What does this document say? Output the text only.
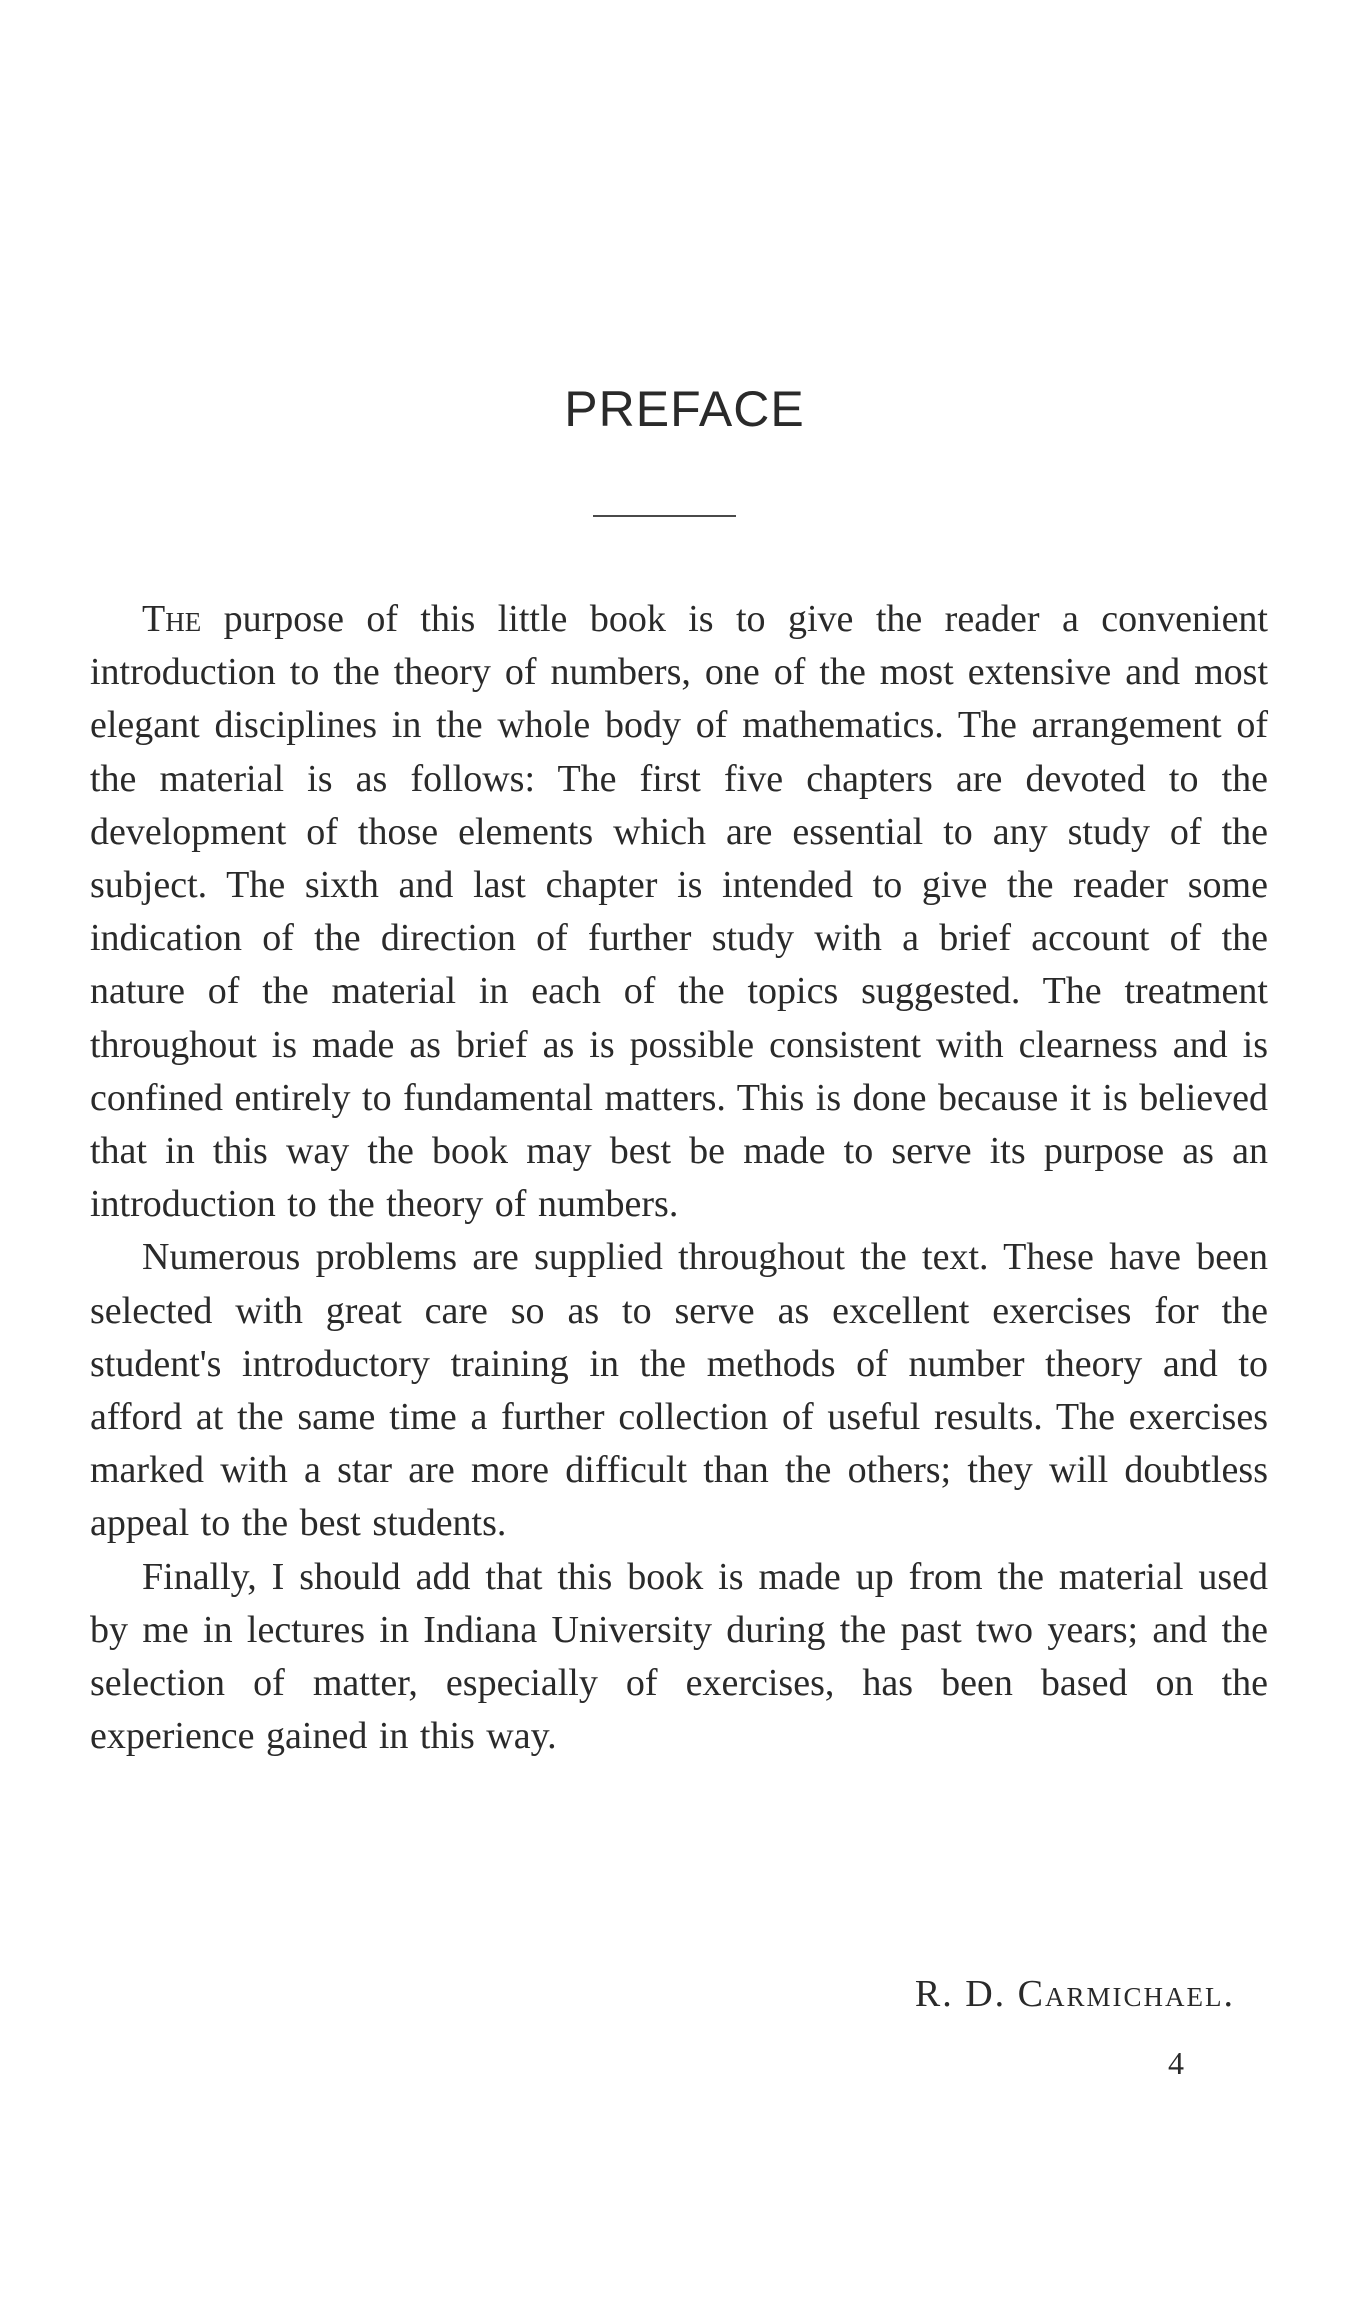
PREFACE

The purpose of this little book is to give the reader a convenient introduction to the theory of numbers, one of the most extensive and most elegant disciplines in the whole body of mathematics. The arrangement of the material is as follows: The first five chapters are devoted to the development of those elements which are essential to any study of the subject. The sixth and last chapter is intended to give the reader some indication of the direction of further study with a brief account of the nature of the material in each of the topics suggested. The treatment throughout is made as brief as is possible consistent with clearness and is confined entirely to fundamental matters. This is done because it is believed that in this way the book may best be made to serve its purpose as an introduction to the theory of numbers.

Numerous problems are supplied throughout the text. These have been selected with great care so as to serve as excellent exercises for the student's introductory training in the methods of number theory and to afford at the same time a further collection of useful results. The exercises marked with a star are more difficult than the others; they will doubtless appeal to the best students.

Finally, I should add that this book is made up from the material used by me in lectures in Indiana University during the past two years; and the selection of matter, especially of exercises, has been based on the experience gained in this way.

R. D. Carmichael.
4
